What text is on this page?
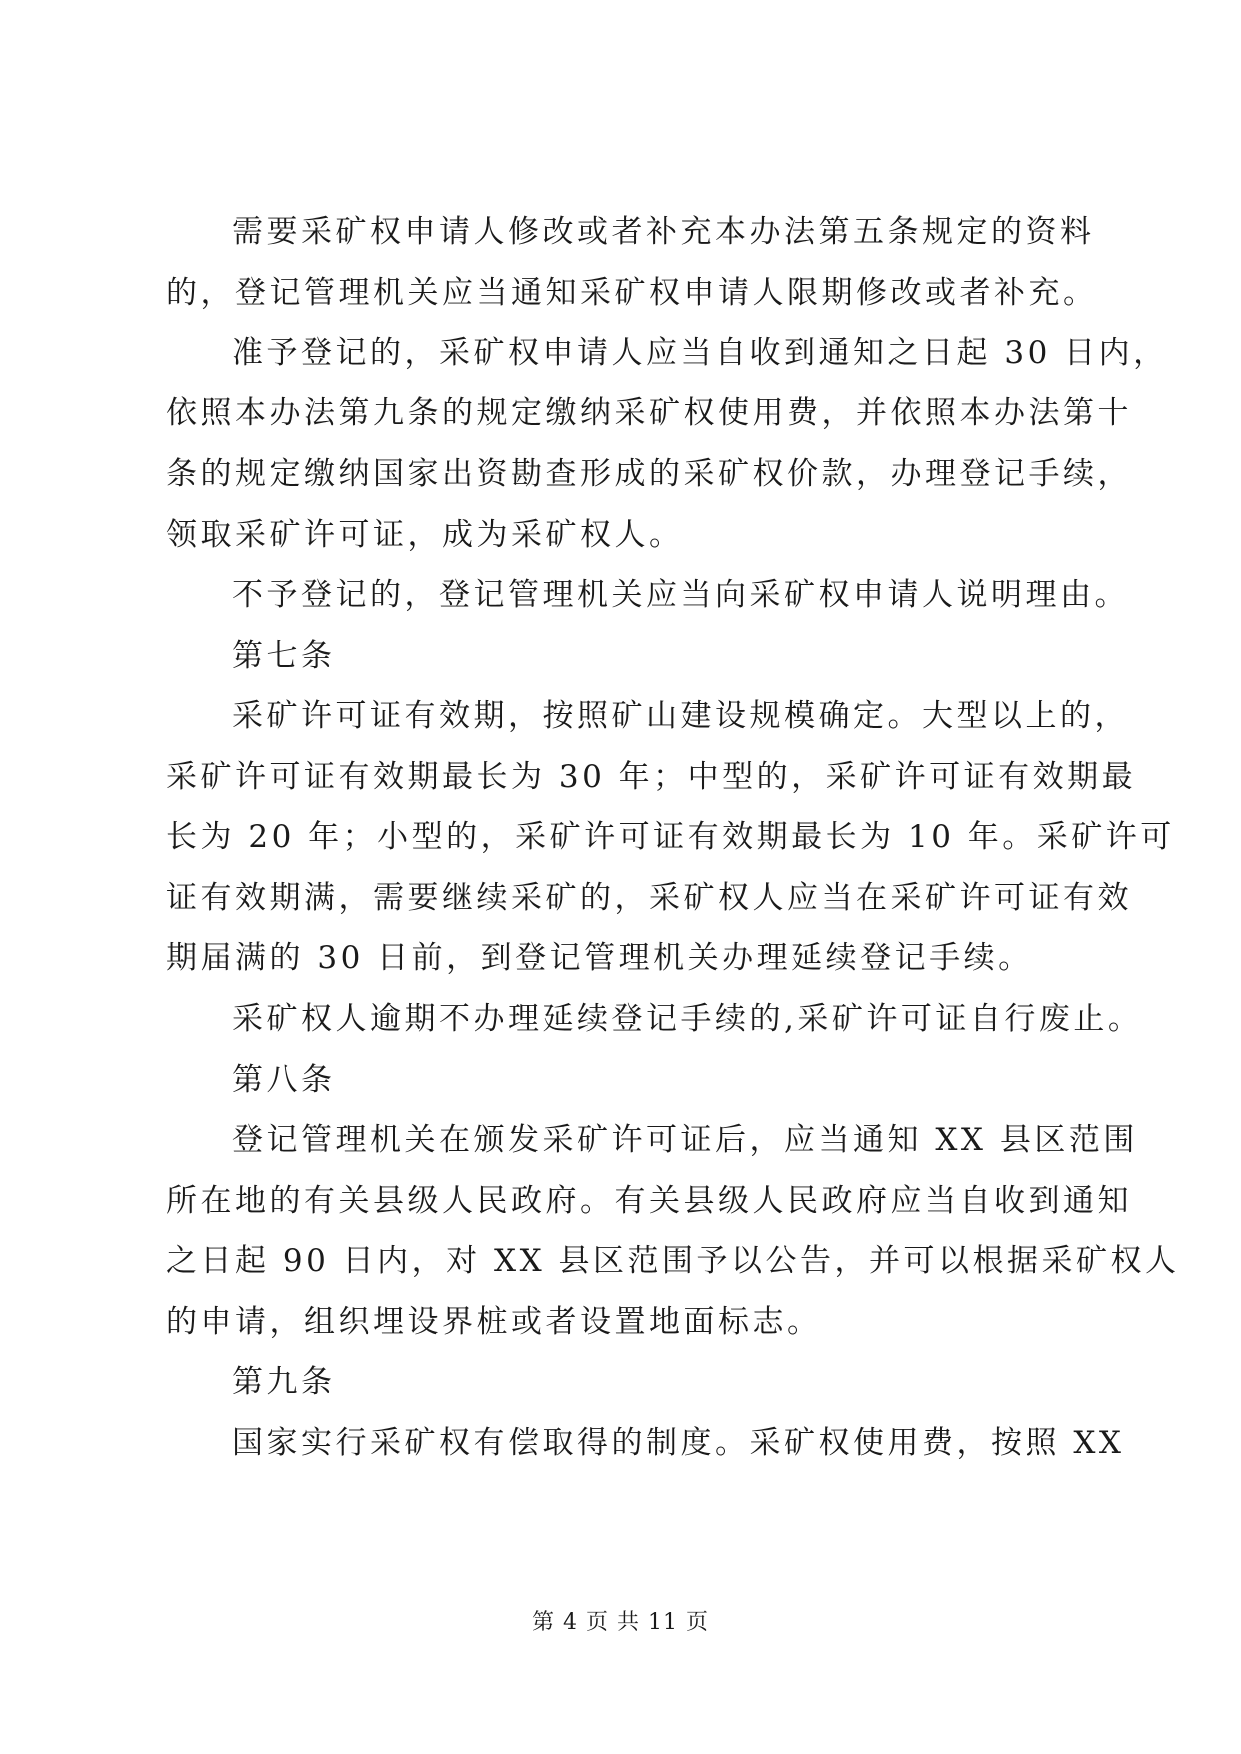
需要采矿权申请人修改或者补充本办法第五条规定的资料
的，登记管理机关应当通知采矿权申请人限期修改或者补充。
准予登记的，采矿权申请人应当自收到通知之日起 30 日内，
依照本办法第九条的规定缴纳采矿权使用费，并依照本办法第十
条的规定缴纳国家出资勘查形成的采矿权价款，办理登记手续，
领取采矿许可证，成为采矿权人。
不予登记的，登记管理机关应当向采矿权申请人说明理由。
第七条
采矿许可证有效期，按照矿山建设规模确定。大型以上的，
采矿许可证有效期最长为 30 年；中型的，采矿许可证有效期最
长为 20 年；小型的，采矿许可证有效期最长为 10 年。采矿许可
证有效期满，需要继续采矿的，采矿权人应当在采矿许可证有效
期届满的 30 日前，到登记管理机关办理延续登记手续。
采矿权人逾期不办理延续登记手续的,采矿许可证自行废止。
第八条
登记管理机关在颁发采矿许可证后，应当通知 XX 县区范围
所在地的有关县级人民政府。有关县级人民政府应当自收到通知
之日起 90 日内，对 XX 县区范围予以公告，并可以根据采矿权人
的申请，组织埋设界桩或者设置地面标志。
第九条
国家实行采矿权有偿取得的制度。采矿权使用费，按照 XX
第 4 页 共 11 页
